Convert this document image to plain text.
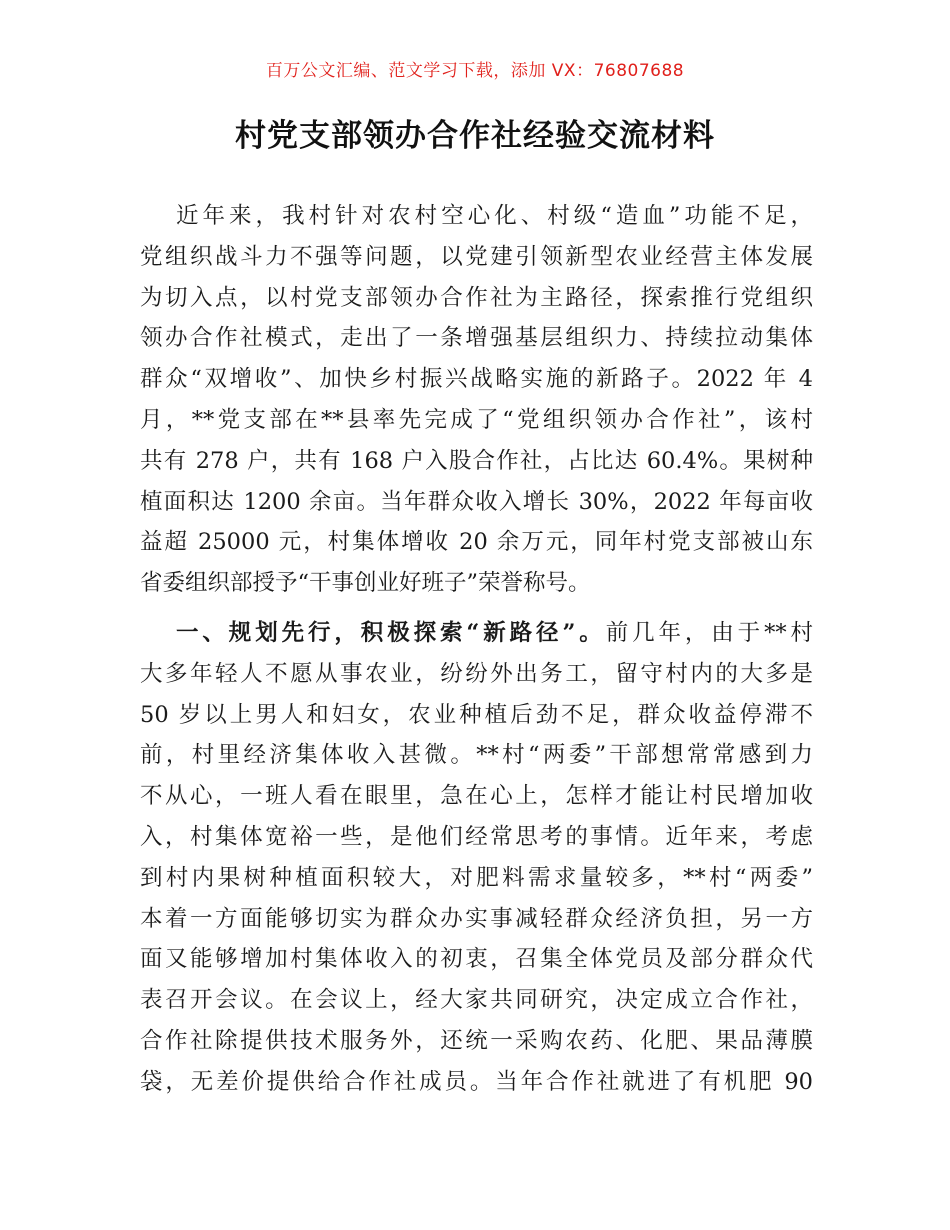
百万公文汇编、范文学习下载，添加 VX：76807688
村党支部领办合作社经验交流材料

近年来，我村针对农村空心化、村级“造血”功能不足，
党组织战斗力不强等问题，以党建引领新型农业经营主体发展
为切入点，以村党支部领办合作社为主路径，探索推行党组织
领办合作社模式，走出了一条增强基层组织力、持续拉动集体
群众“双增收”、加快乡村振兴战略实施的新路子。2022 年 4
月，**党支部在**县率先完成了“党组织领办合作社”，该村
共有 278 户，共有 168 户入股合作社，占比达 60.4%。果树种
植面积达 1200 余亩。当年群众收入增长 30%，2022 年每亩收
益超 25000 元，村集体增收 20 余万元，同年村党支部被山东
省委组织部授予“干事创业好班子”荣誉称号。

一、规划先行，积极探索“新路径”。前几年，由于**村
大多年轻人不愿从事农业，纷纷外出务工，留守村内的大多是
50 岁以上男人和妇女，农业种植后劲不足，群众收益停滞不
前，村里经济集体收入甚微。**村“两委”干部想常常感到力
不从心，一班人看在眼里，急在心上，怎样才能让村民增加收
入，村集体宽裕一些，是他们经常思考的事情。近年来，考虑
到村内果树种植面积较大，对肥料需求量较多，**村“两委”
本着一方面能够切实为群众办实事减轻群众经济负担，另一方
面又能够增加村集体收入的初衷，召集全体党员及部分群众代
表召开会议。在会议上，经大家共同研究，决定成立合作社，
合作社除提供技术服务外，还统一采购农药、化肥、果品薄膜
袋，无差价提供给合作社成员。当年合作社就进了有机肥 90
